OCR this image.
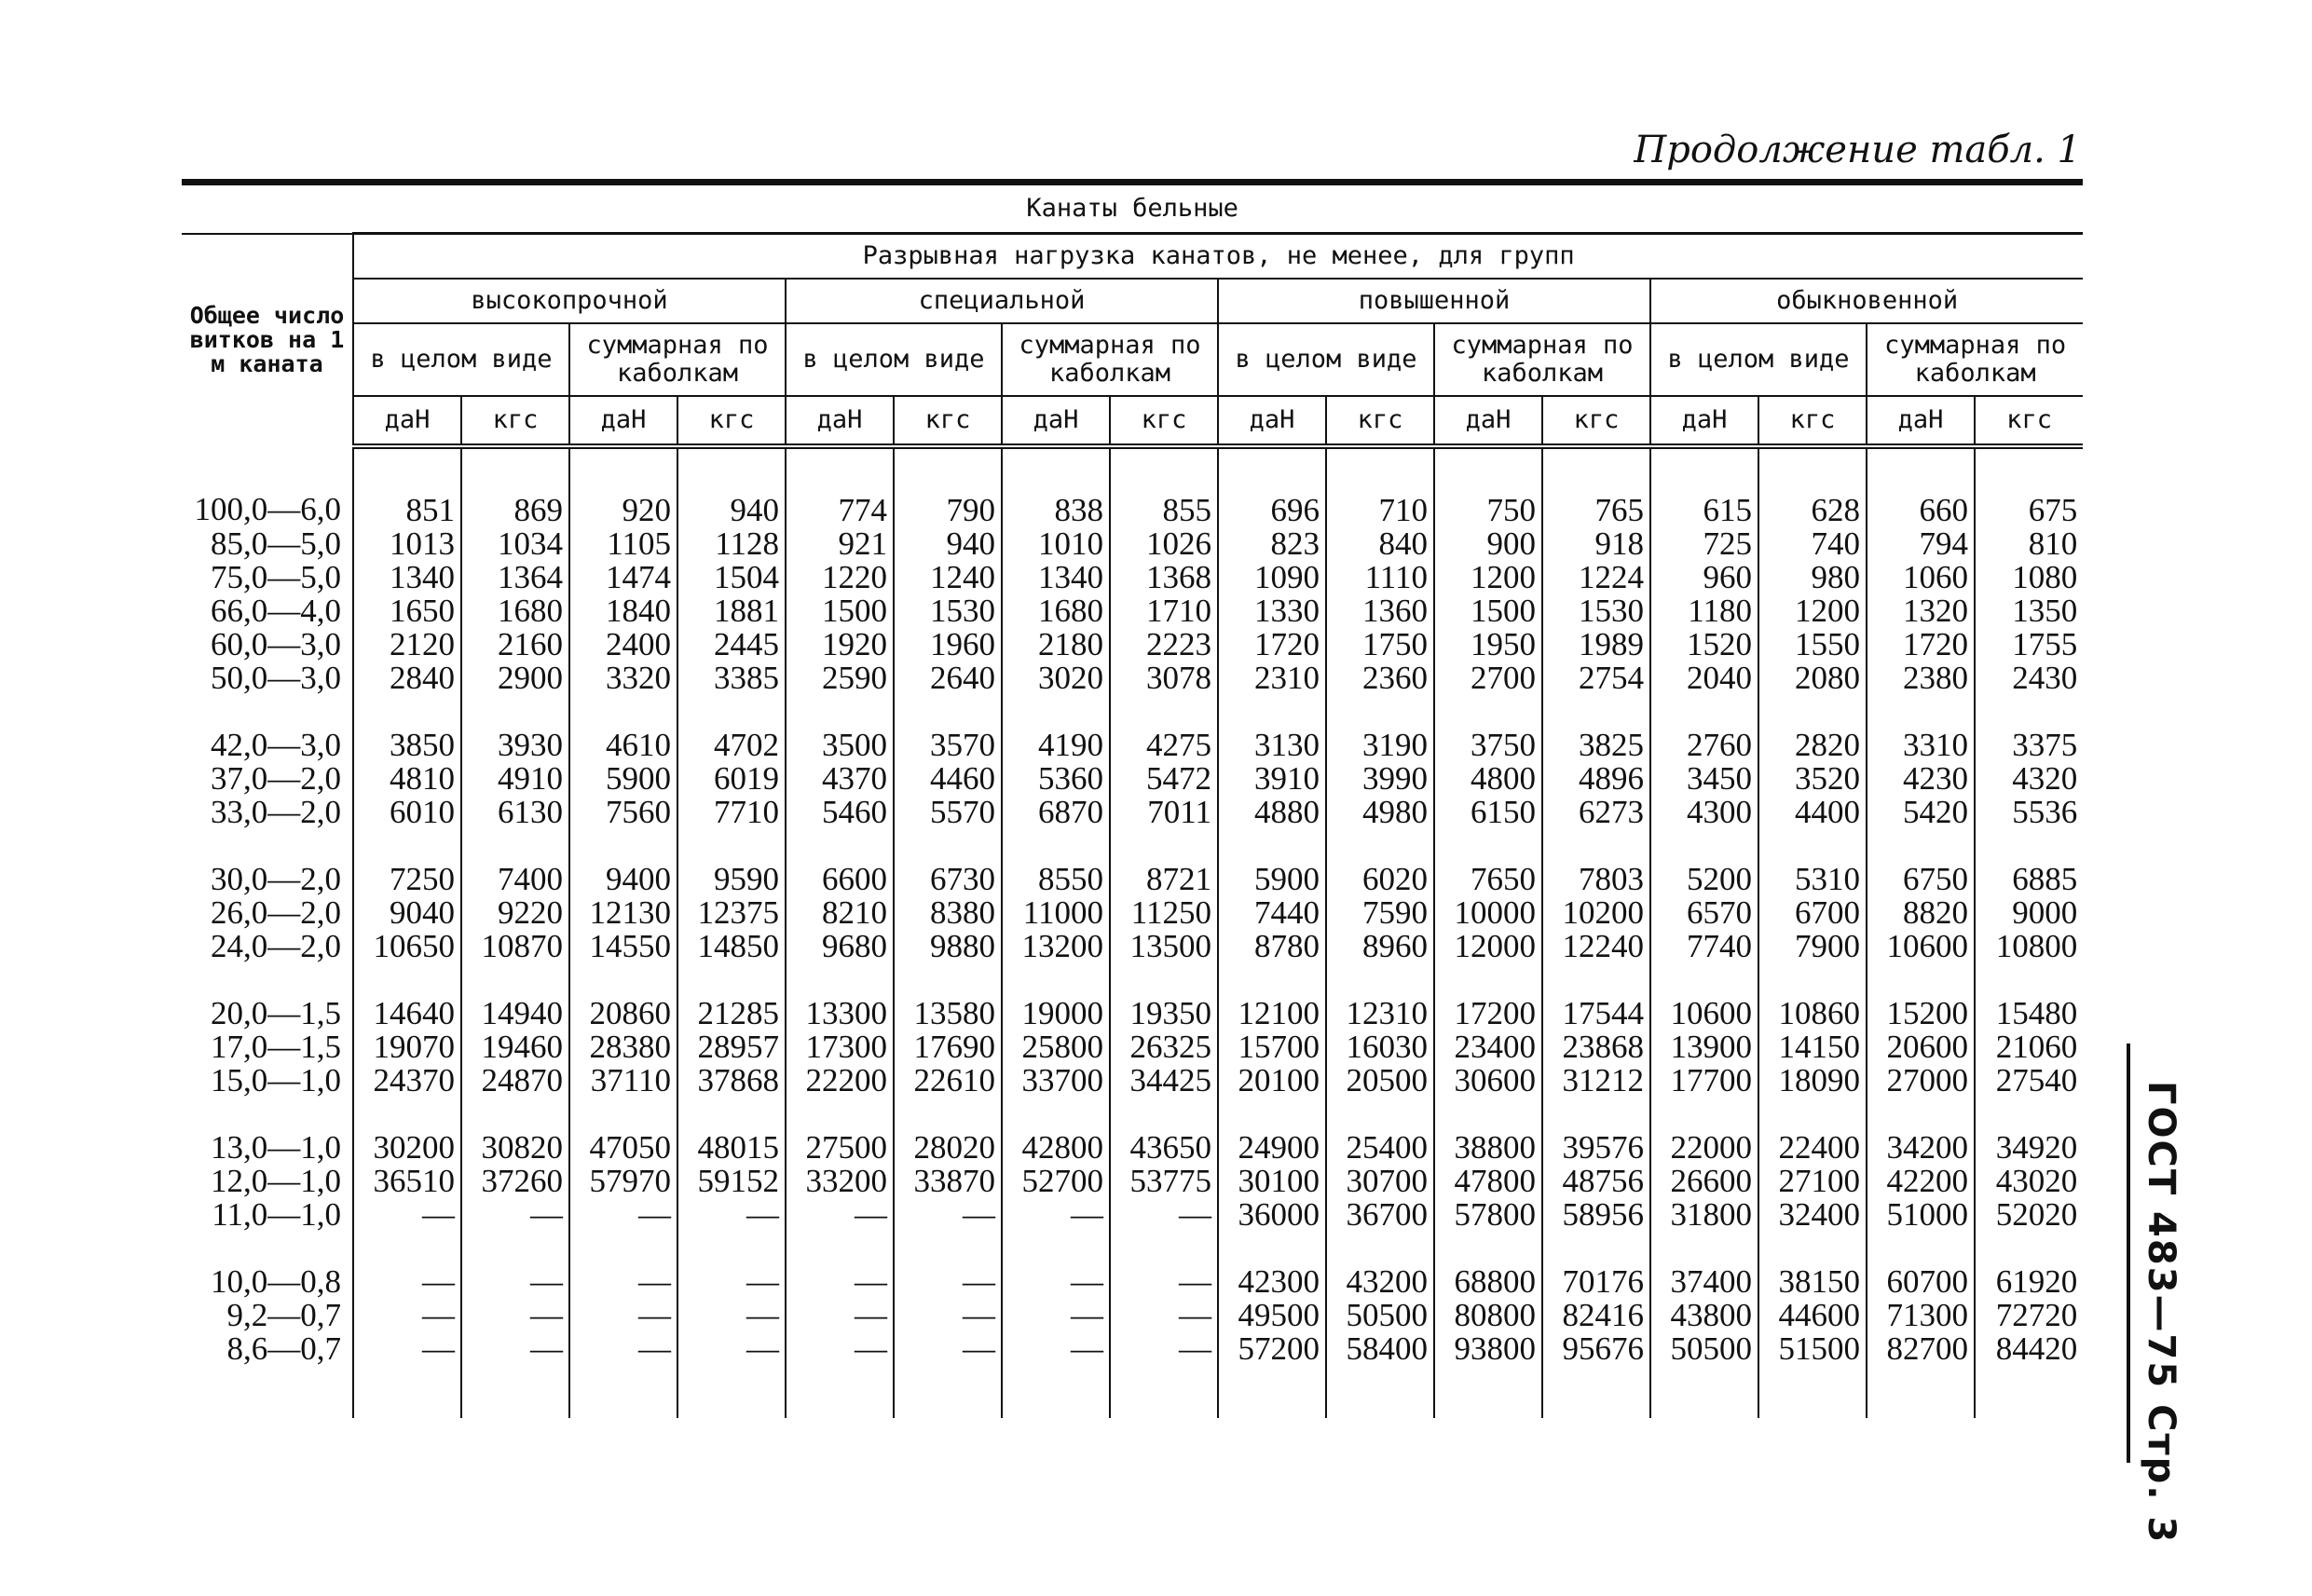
Продолжение табл. 1
ГОСТ 483—75 Стр. 3
Канаты бельные																
Общее число витков на 1 м каната	Разрывная нагрузка канатов, не менее, для групп															
	высокопрочной				специальной				повышенной				обыкновенной			
	в целом виде		суммарная по каболкам		в целом виде		суммарная по каболкам		в целом виде		суммарная по каболкам		в целом виде		суммарная по каболкам	
	даН	кгс	даН	кгс	даН	кгс	даН	кгс	даН	кгс	даН	кгс	даН	кгс	даН	кгс
100,0—6,0	851	869	920	940	774	790	838	855	696	710	750	765	615	628	660	675
85,0—5,0	1013	1034	1105	1128	921	940	1010	1026	823	840	900	918	725	740	794	810
75,0—5,0	1340	1364	1474	1504	1220	1240	1340	1368	1090	1110	1200	1224	960	980	1060	1080
66,0—4,0	1650	1680	1840	1881	1500	1530	1680	1710	1330	1360	1500	1530	1180	1200	1320	1350
60,0—3,0	2120	2160	2400	2445	1920	1960	2180	2223	1720	1750	1950	1989	1520	1550	1720	1755
50,0—3,0	2840	2900	3320	3385	2590	2640	3020	3078	2310	2360	2700	2754	2040	2080	2380	2430

42,0—3,0	3850	3930	4610	4702	3500	3570	4190	4275	3130	3190	3750	3825	2760	2820	3310	3375
37,0—2,0	4810	4910	5900	6019	4370	4460	5360	5472	3910	3990	4800	4896	3450	3520	4230	4320
33,0—2,0	6010	6130	7560	7710	5460	5570	6870	7011	4880	4980	6150	6273	4300	4400	5420	5536

30,0—2,0	7250	7400	9400	9590	6600	6730	8550	8721	5900	6020	7650	7803	5200	5310	6750	6885
26,0—2,0	9040	9220	12130	12375	8210	8380	11000	11250	7440	7590	10000	10200	6570	6700	8820	9000
24,0—2,0	10650	10870	14550	14850	9680	9880	13200	13500	8780	8960	12000	12240	7740	7900	10600	10800

20,0—1,5	14640	14940	20860	21285	13300	13580	19000	19350	12100	12310	17200	17544	10600	10860	15200	15480
17,0—1,5	19070	19460	28380	28957	17300	17690	25800	26325	15700	16030	23400	23868	13900	14150	20600	21060
15,0—1,0	24370	24870	37110	37868	22200	22610	33700	34425	20100	20500	30600	31212	17700	18090	27000	27540

13,0—1,0	30200	30820	47050	48015	27500	28020	42800	43650	24900	25400	38800	39576	22000	22400	34200	34920
12,0—1,0	36510	37260	57970	59152	33200	33870	52700	53775	30100	30700	47800	48756	26600	27100	42200	43020
11,0—1,0	—	—	—	—	—	—	—	—	36000	36700	57800	58956	31800	32400	51000	52020

10,0—0,8	—	—	—	—	—	—	—	—	42300	43200	68800	70176	37400	38150	60700	61920
9,2—0,7	—	—	—	—	—	—	—	—	49500	50500	80800	82416	43800	44600	71300	72720
8,6—0,7	—	—	—	—	—	—	—	—	57200	58400	93800	95676	50500	51500	82700	84420
